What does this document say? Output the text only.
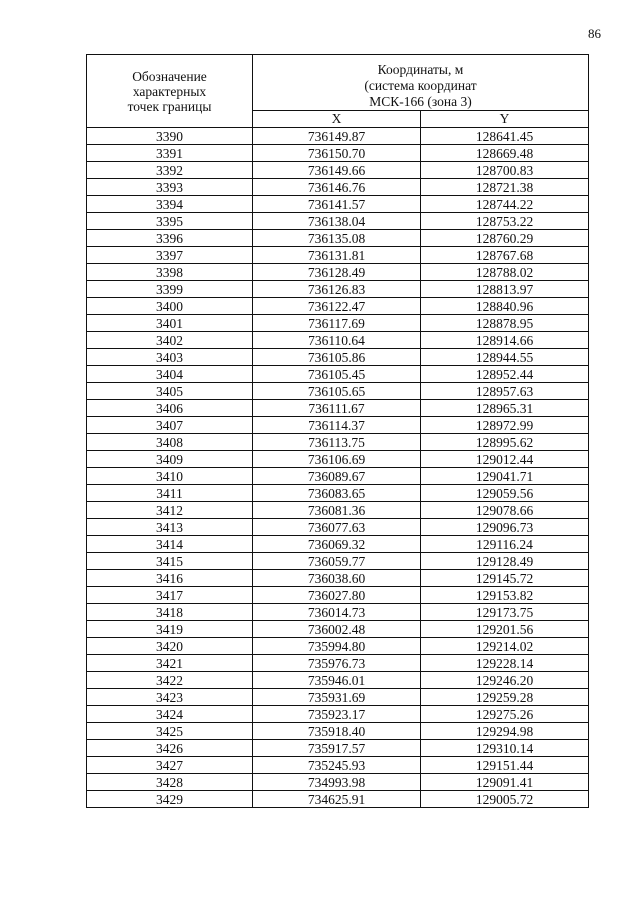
86
Обозначение
характерных
точек границы	Координаты, м
(система координат
МСК-166 (зона 3)	

	X	Y
3390	736149.87	128641.45
3391	736150.70	128669.48
3392	736149.66	128700.83
3393	736146.76	128721.38
3394	736141.57	128744.22
3395	736138.04	128753.22
3396	736135.08	128760.29
3397	736131.81	128767.68
3398	736128.49	128788.02
3399	736126.83	128813.97
3400	736122.47	128840.96
3401	736117.69	128878.95
3402	736110.64	128914.66
3403	736105.86	128944.55
3404	736105.45	128952.44
3405	736105.65	128957.63
3406	736111.67	128965.31
3407	736114.37	128972.99
3408	736113.75	128995.62
3409	736106.69	129012.44
3410	736089.67	129041.71
3411	736083.65	129059.56
3412	736081.36	129078.66
3413	736077.63	129096.73
3414	736069.32	129116.24
3415	736059.77	129128.49
3416	736038.60	129145.72
3417	736027.80	129153.82
3418	736014.73	129173.75
3419	736002.48	129201.56
3420	735994.80	129214.02
3421	735976.73	129228.14
3422	735946.01	129246.20
3423	735931.69	129259.28
3424	735923.17	129275.26
3425	735918.40	129294.98
3426	735917.57	129310.14
3427	735245.93	129151.44
3428	734993.98	129091.41
3429	734625.91	129005.72
